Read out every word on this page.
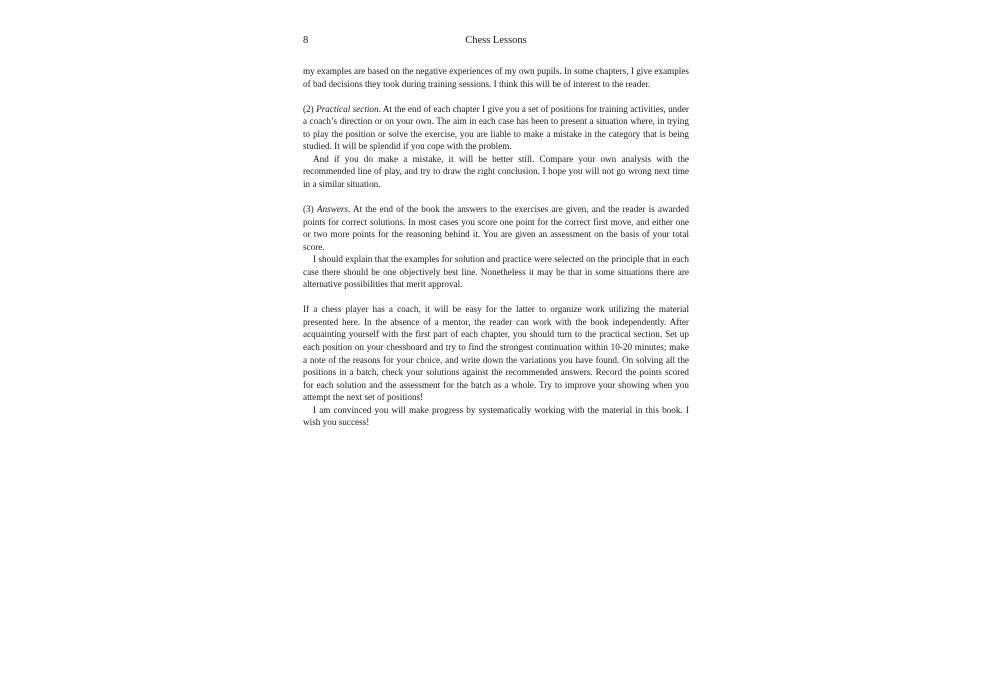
8	Chess Lessons

my examples are based on the negative experiences of my own pupils. In some chapters, I give examples of bad decisions they took during training sessions. I think this will be of interest to the reader.

(2) Practical section. At the end of each chapter I give you a set of positions for training activities, under a coach’s direction or on your own. The aim in each case has been to present a situation where, in trying to play the position or solve the exercise, you are liable to make a mistake in the category that is being studied. It will be splendid if you cope with the problem.

And if you do make a mistake, it will be better still. Compare your own analysis with the recommended line of play, and try to draw the right conclusion. I hope you will not go wrong next time in a similar situation.

(3) Answers. At the end of the book the answers to the exercises are given, and the reader is awarded points for correct solutions. In most cases you score one point for the correct first move, and either one or two more points for the reasoning behind it. You are given an assessment on the basis of your total score.

I should explain that the examples for solution and practice were selected on the principle that in each case there should be one objectively best line. Nonetheless it may be that in some situations there are alternative possibilities that merit approval.

If a chess player has a coach, it will be easy for the latter to organize work utilizing the material presented here. In the absence of a mentor, the reader can work with the book independently. After acquainting yourself with the first part of each chapter, you should turn to the practical section. Set up each position on your chessboard and try to find the strongest continuation within 10-20 minutes; make a note of the reasons for your choice, and write down the variations you have found. On solving all the positions in a batch, check your solutions against the recommended answers. Record the points scored for each solution and the assessment for the batch as a whole. Try to improve your showing when you attempt the next set of positions!

I am convinced you will make progress by systematically working with the material in this book. I wish you success!
